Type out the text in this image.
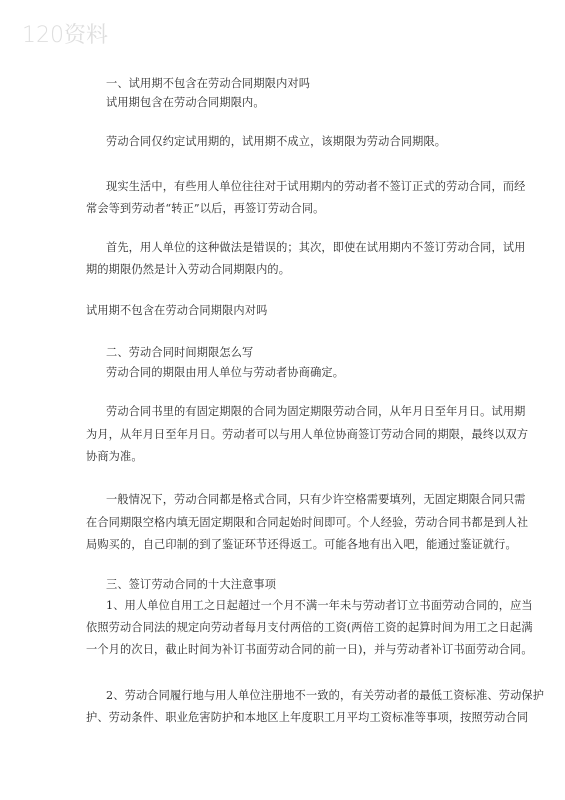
120资料
一、试用期不包含在劳动合同期限内对吗
试用期包含在劳动合同期限内。
劳动合同仅约定试用期的，试用期不成立，该期限为劳动合同期限。
现实生活中，有些用人单位往往对于试用期内的劳动者不签订正式的劳动合同，而经
常会等到劳动者“转正”以后，再签订劳动合同。
首先，用人单位的这种做法是错误的；其次，即使在试用期内不签订劳动合同，试用
期的期限仍然是计入劳动合同期限内的。
试用期不包含在劳动合同期限内对吗
二、劳动合同时间期限怎么写
劳动合同的期限由用人单位与劳动者协商确定。
劳动合同书里的有固定期限的合同为固定期限劳动合同，从年月日至年月日。试用期
为月，从年月日至年月日。劳动者可以与用人单位协商签订劳动合同的期限，最终以双方
协商为准。
一般情况下，劳动合同都是格式合同，只有少许空格需要填列，无固定期限合同只需
在合同期限空格内填无固定期限和合同起始时间即可。个人经验，劳动合同书都是到人社
局购买的，自己印制的到了鉴证环节还得返工。可能各地有出入吧，能通过鉴证就行。
三、签订劳动合同的十大注意事项
1、用人单位自用工之日起超过一个月不满一年未与劳动者订立书面劳动合同的，应当
依照劳动合同法的规定向劳动者每月支付两倍的工资(两倍工资的起算时间为用工之日起满
一个月的次日，截止时间为补订书面劳动合同的前一日)，并与劳动者补订书面劳动合同。
2、劳动合同履行地与用人单位注册地不一致的，有关劳动者的最低工资标准、劳动保护
护、劳动条件、职业危害防护和本地区上年度职工月平均工资标准等事项，按照劳动合同
